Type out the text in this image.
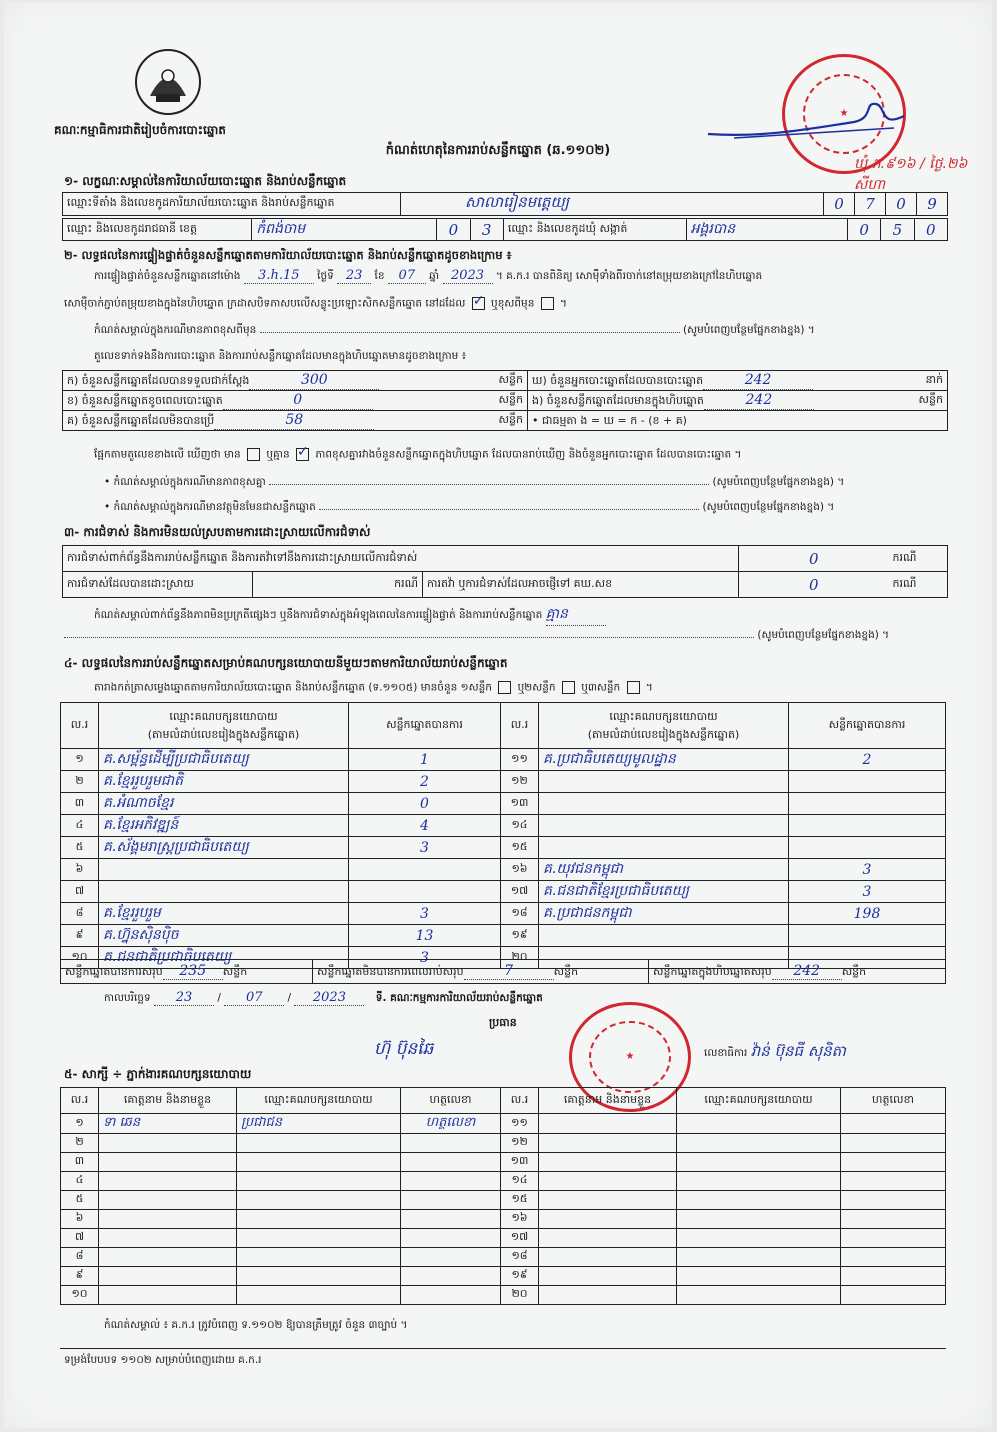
គណៈកម្មាធិការជាតិរៀបចំការបោះឆ្នោត
★
ឃុំ.ភ.៩១៦ / ថ្ងៃ.២៦ សីហា
កំណត់ហេតុនៃការរាប់សន្លឹកឆ្នោត (ឆ.១១០២)
១- លក្ខណៈសម្គាល់នៃការិយាល័យបោះឆ្នោត និងរាប់សន្លឹកឆ្នោត
ឈ្មោះទីតាំង និងលេខកូដការិយាល័យបោះឆ្នោត និងរាប់សន្លឹកឆ្នោត	សាលារៀនមត្តេយ្យ	0	7	0	9
ឈ្មោះ និងលេខកូដរាជធានី ខេត្ត	កំពង់ចាម	0	3	ឈ្មោះ និងលេខកូដឃុំ សង្កាត់	អង្គរបាន	0	5	0
២- លទ្ធផលនៃការផ្ទៀងផ្ទាត់ចំនួនសន្លឹកឆ្នោតតាមការិយាល័យបោះឆ្នោត និងរាប់សន្លឹកឆ្នោតដូចខាងក្រោម ៖
ការផ្ទៀងផ្ទាត់ចំនួនសន្លឹកឆ្នោតនៅម៉ោង 3.h.15 ថ្ងៃទី 23 ខែ 07 ឆ្នាំ 2023 ។ គ.ក.រ បានពិនិត្យ សោម៉ឺទាំងពីរចាក់នៅតម្រុយខាងក្រៅនៃហិបឆ្នោត
សោម៉ឺចាក់ភ្ជាប់តម្រុយខាងក្នុងនៃហិបឆ្នោត ក្រដាសបិទភាសបលើសន្លូះប្រឡោះសិកសន្លឹកឆ្នោត នៅដដែល ✓ ឬខុសពីមុន  ។
កំណត់សម្គាល់ក្នុងករណីមានភាពខុសពីមុន	(សូមបំពេញបន្ថែមផ្នែកខាងខ្នង) ។
តួលេខទាក់ទងនឹងការបោះឆ្នោត និងការរាប់សន្លឹកឆ្នោតដែលមានក្នុងហិបឆ្នោតមានដូចខាងក្រោម ៖
ក) ចំនួនសន្លឹកឆ្នោតដែលបានទទួលជាក់ស្តែង 300 សន្លឹក	ឃ) ចំនួនអ្នកបោះឆ្នោតដែលបានបោះឆ្នោត 242 នាក់

ខ) ចំនួនសន្លឹកឆ្នោតខូចពេលបោះឆ្នោត 0 សន្លឹក	ង) ចំនួនសន្លឹកឆ្នោតដែលមានក្នុងហិបឆ្នោត 242 សន្លឹក

គ) ចំនួនសន្លឹកឆ្នោតដែលមិនបានប្រើ 58 សន្លឹក	• ជាធម្មតា ង = ឃ = ក - (ខ + គ)
ផ្អែកតាមតួលេខខាងលើ ឃើញថា មាន ឬគ្មាន ✓ ភាពខុសគ្នារវាងចំនួនសន្លឹកឆ្នោតក្នុងហិបឆ្នោត ដែលបានរាប់ឃើញ និងចំនួនអ្នកបោះឆ្នោត ដែលបានបោះឆ្នោត ។
• កំណត់សម្គាល់ក្នុងករណីមានភាពខុសគ្នា	(សូមបំពេញបន្ថែមផ្នែកខាងខ្នង) ។
• កំណត់សម្គាល់ក្នុងករណីមានវត្ថុមិនមែនជាសន្លឹកឆ្នោត	(សូមបំពេញបន្ថែមផ្នែកខាងខ្នង) ។
៣- ការជំទាស់ និងការមិនយល់ស្របតាមការដោះស្រាយលើការជំទាស់
ការជំទាស់ពាក់ព័ន្ធនឹងការរាប់សន្លឹកឆ្នោត និងការតវ៉ាទៅនឹងការដោះស្រាយលើការជំទាស់			0	ករណី
ការជំទាស់ដែលបានដោះស្រាយ	ករណី	ការតវ៉ា ឬការជំទាស់ដែលអាចផ្ញើទៅ គឃ.សខ	0	ករណី
កំណត់សម្គាល់ពាក់ព័ន្ធនឹងភាពមិនប្រក្រតីផ្សេងៗ ឬនឹងការជំទាស់ក្នុងអំឡុងពេលនៃការផ្ទៀងផ្ទាត់ និងការរាប់សន្លឹកឆ្នោត គ្មាន
(សូមបំពេញបន្ថែមផ្នែកខាងខ្នង) ។
៤- លទ្ធផលនៃការរាប់សន្លឹកឆ្នោតសម្រាប់គណបក្សនយោបាយនីមួយៗតាមការិយាល័យរាប់សន្លឹកឆ្នោត
តារាងកត់ត្រាសម្លេងឆ្នោតតាមការិយាល័យបោះឆ្នោត និងរាប់សន្លឹកឆ្នោត (ទ.១១០៥) មានចំនួន ១សន្លឹក ឬ២សន្លឹក ឬ៣សន្លឹក  ។
ល.រ	ឈ្មោះគណបក្សនយោបាយ
(តាមលំដាប់លេខរៀងក្នុងសន្លឹកឆ្នោត)	សន្លឹកឆ្នោតបានការ	ល.រ	ឈ្មោះគណបក្សនយោបាយ
(តាមលំដាប់លេខរៀងក្នុងសន្លឹកឆ្នោត)	សន្លឹកឆ្នោតបានការ
១	គ.សម្ព័ន្ធដើម្បីប្រជាធិបតេយ្យ	1	១១	គ.ប្រជាធិបតេយ្យមូលដ្ឋាន	2
២	គ.ខ្មែររួបរួមជាតិ	2	១២		
៣	គ.អំណាចខ្មែរ	0	១៣		
៤	គ.ខ្មែរអភិវឌ្ឍន៍	4	១៤		
៥	គ.ស័ង្គមរាស្ត្រប្រជាធិបតេយ្យ	3	១៥		
៦			១៦	គ.យុវជនកម្ពុជា	3
៧			១៧	គ.ជនជាតិខ្មែរប្រជាធិបតេយ្យ	3
៨	គ.ខ្មែររួបរួម	3	១៨	គ.ប្រជាជនកម្ពុជា	198
៩	គ.ហ្វ៊ុនស៊ិនប៉ិច	13	១៩		
១០	គ.ជនជាតិប្រជាធិបតេយ្យ	3	២០		
សន្លឹកឆ្នោតបានការសរុប 235 សន្លឹក	សន្លឹកឆ្នោតមិនបានការពេលរាប់សរុប	7	សន្លឹក	សន្លឹកឆ្នោតក្នុងហិបឆ្នោតសរុប 242 សន្លឹក
កាលបរិច្ឆេទ 23 / 07 / 2023	ទី. គណៈកម្មការការិយាល័យរាប់សន្លឹកឆ្នោត
ប្រធាន
★
ហ៊ុ ប៊ុនឆៃ	លេខាធិការ វ៉ាន់ ប៊ុនធី សុនិតា
៥- សាក្សី ÷ ភ្នាក់ងារគណបក្សនយោបាយ
ល.រ	គោត្តនាម និងនាមខ្លួន	ឈ្មោះគណបក្សនយោបាយ	ហត្ថលេខា	ល.រ	គោត្តនាម និងនាមខ្លួន	ឈ្មោះគណបក្សនយោបាយ	ហត្ថលេខា
១	ទា ឆេន	ប្រជាជន	ហត្ថលេខា	១១			
២				១២			
៣				១៣			
៤				១៤			
៥				១៥			
៦				១៦			
៧				១៧			
៨				១៨			
៩				១៩			
១០				២០			
កំណត់សម្គាល់ ៖ គ.ក.រ ត្រូវបំពេញ ទ.១១០២ ឱ្យបានត្រឹមត្រូវ ចំនួន ៣ច្បាប់ ។
ទម្រង់បែបបទ ១១០២ សម្រាប់បំពេញដោយ គ.ក.រ
